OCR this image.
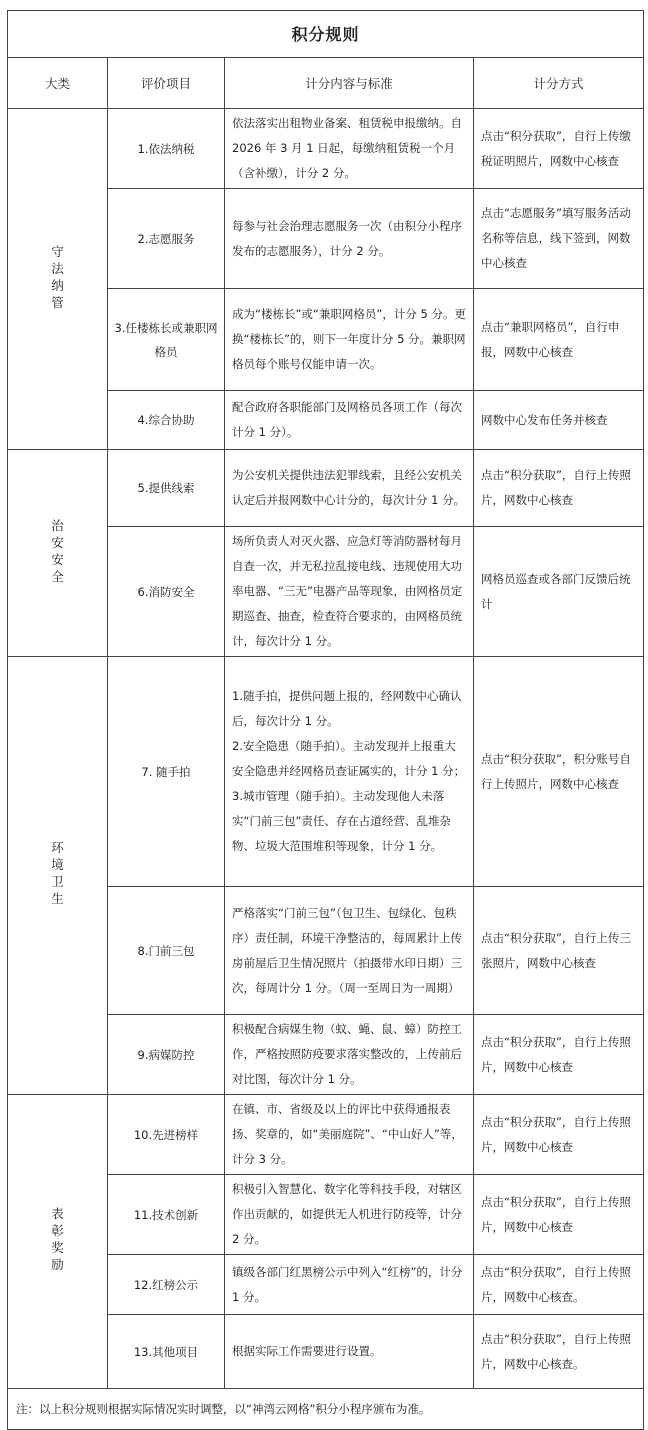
积分规则			
大类	评价项目	计分内容与标准	计分方式
守法纳管	1.依法纳税	依法落实出租物业备案、租赁税申报缴纳。自 2026 年 3 月 1 日起，每缴纳租赁税一个月（含补缴），计分 2 分。	点击“积分获取”，自行上传缴税证明照片，网数中心核查
	2.志愿服务	每参与社会治理志愿服务一次（由积分小程序发布的志愿服务），计分 2 分。	点击“志愿服务”填写服务活动名称等信息，线下签到，网数中心核查
	3.任楼栋长或兼职网格员	成为“楼栋长”或“兼职网格员”，计分 5 分。更换“楼栋长”的，则下一年度计分 5 分。兼职网格员每个账号仅能申请一次。	点击“兼职网格员”，自行申报，网数中心核查
	4.综合协助	配合政府各职能部门及网格员各项工作（每次计分 1 分）。	网数中心发布任务并核查
治安安全	5.提供线索	为公安机关提供违法犯罪线索，且经公安机关认定后并报网数中心计分的，每次计分 1 分。	点击“积分获取”，自行上传照片，网数中心核查
	6.消防安全	场所负责人对灭火器、应急灯等消防器材每月自查一次，并无私拉乱接电线、违规使用大功率电器、“三无”电器产品等现象，由网格员定期巡查、抽查，检查符合要求的，由网格员统计，每次计分 1 分。	网格员巡查或各部门反馈后统计
环境卫生	7. 随手拍	1.随手拍，提供问题上报的，经网数中心确认后，每次计分 1 分。
2.安全隐患（随手拍）。主动发现并上报重大安全隐患并经网格员查证属实的，计分 1 分；
3.城市管理（随手拍）。主动发现他人未落实“门前三包”责任、存在占道经营、乱堆杂物、垃圾大范围堆积等现象，计分 1 分。	点击“积分获取”，积分账号自行上传照片，网数中心核查
	8.门前三包	严格落实“门前三包”（包卫生、包绿化、包秩序）责任制，环境干净整洁的，每周累计上传房前屋后卫生情况照片（拍摄带水印日期）三次，每周计分 1 分。（周一至周日为一周期）	点击“积分获取”，自行上传三张照片，网数中心核查
	9.病媒防控	积极配合病媒生物（蚊、蝇、鼠、蟑）防控工作，严格按照防疫要求落实整改的，上传前后对比图，每次计分 1 分。	点击“积分获取”，自行上传照片，网数中心核查
表彰奖励	10.先进榜样	在镇、市、省级及以上的评比中获得通报表扬、奖章的，如“美丽庭院”、“中山好人”等，计分 3 分。	点击“积分获取”，自行上传照片，网数中心核查
	11.技术创新	积极引入智慧化、数字化等科技手段，对辖区作出贡献的，如提供无人机进行防疫等，计分 2 分。	点击“积分获取”，自行上传照片，网数中心核查
	12.红榜公示	镇级各部门红黑榜公示中列入“红榜”的，计分 1 分。	点击“积分获取”，自行上传照片，网数中心核查。
	13.其他项目	根据实际工作需要进行设置。	点击“积分获取”，自行上传照片，网数中心核查。
注：以上积分规则根据实际情况实时调整，以“神湾云网格”积分小程序颁布为准。			
